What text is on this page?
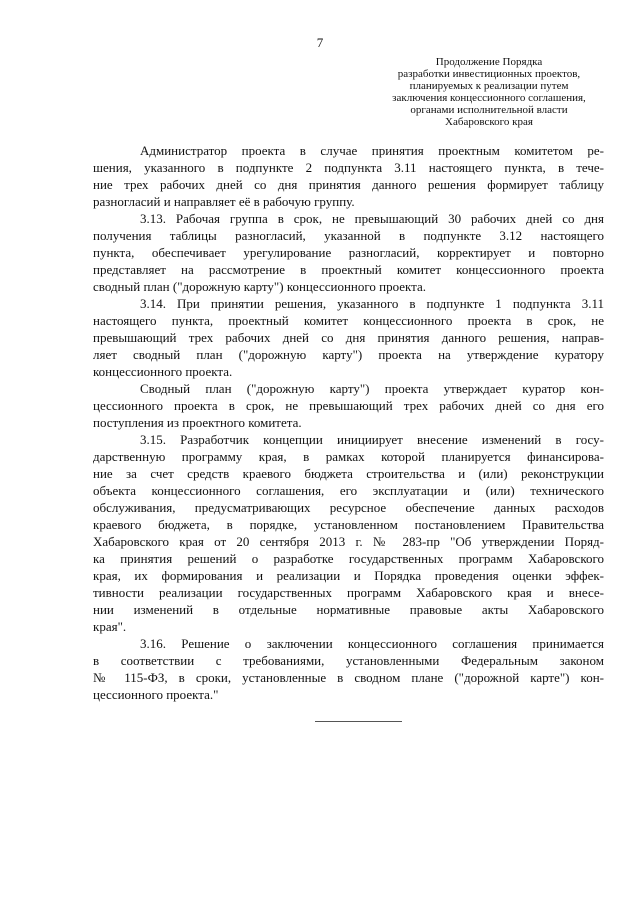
7
Продолжение Порядка
разработки инвестиционных проектов,
планируемых к реализации путем
заключения концессионного соглашения,
органами исполнительной власти
Хабаровского края
Администратор проекта в случае принятия проектным комитетом ре-
шения, указанного в подпункте 2 подпункта 3.11 настоящего пункта, в тече-
ние трех рабочих дней со дня принятия данного решения формирует таблицу
разногласий и направляет её в рабочую группу.
3.13. Рабочая группа в срок, не превышающий 30 рабочих дней со дня
получения таблицы разногласий, указанной в подпункте 3.12 настоящего
пункта, обеспечивает урегулирование разногласий, корректирует и повторно
представляет на рассмотрение в проектный комитет концессионного проекта
сводный план ("дорожную карту") концессионного проекта.
3.14. При принятии решения, указанного в подпункте 1 подпункта 3.11
настоящего пункта, проектный комитет концессионного проекта в срок, не
превышающий трех рабочих дней со дня принятия данного решения, направ-
ляет сводный план ("дорожную карту") проекта на утверждение куратору
концессионного проекта.
Сводный план ("дорожную карту") проекта утверждает куратор кон-
цессионного проекта в срок, не превышающий трех рабочих дней со дня его
поступления из проектного комитета.
3.15. Разработчик концепции инициирует внесение изменений в госу-
дарственную программу края, в рамках которой планируется финансирова-
ние за счет средств краевого бюджета строительства и (или) реконструкции
объекта концессионного соглашения, его эксплуатации и (или) технического
обслуживания, предусматривающих ресурсное обеспечение данных расходов
краевого бюджета, в порядке, установленном постановлением Правительства
Хабаровского края от 20 сентября 2013 г. № 283-пр "Об утверждении Поряд-
ка принятия решений о разработке государственных программ Хабаровского
края, их формирования и реализации и Порядка проведения оценки эффек-
тивности реализации государственных программ Хабаровского края и внесе-
нии изменений в отдельные нормативные правовые акты Хабаровского
края".
3.16. Решение о заключении концессионного соглашения принимается
в соответствии с требованиями, установленными Федеральным законом
№ 115-ФЗ, в сроки, установленные в сводном плане ("дорожной карте") кон-
цессионного проекта."
